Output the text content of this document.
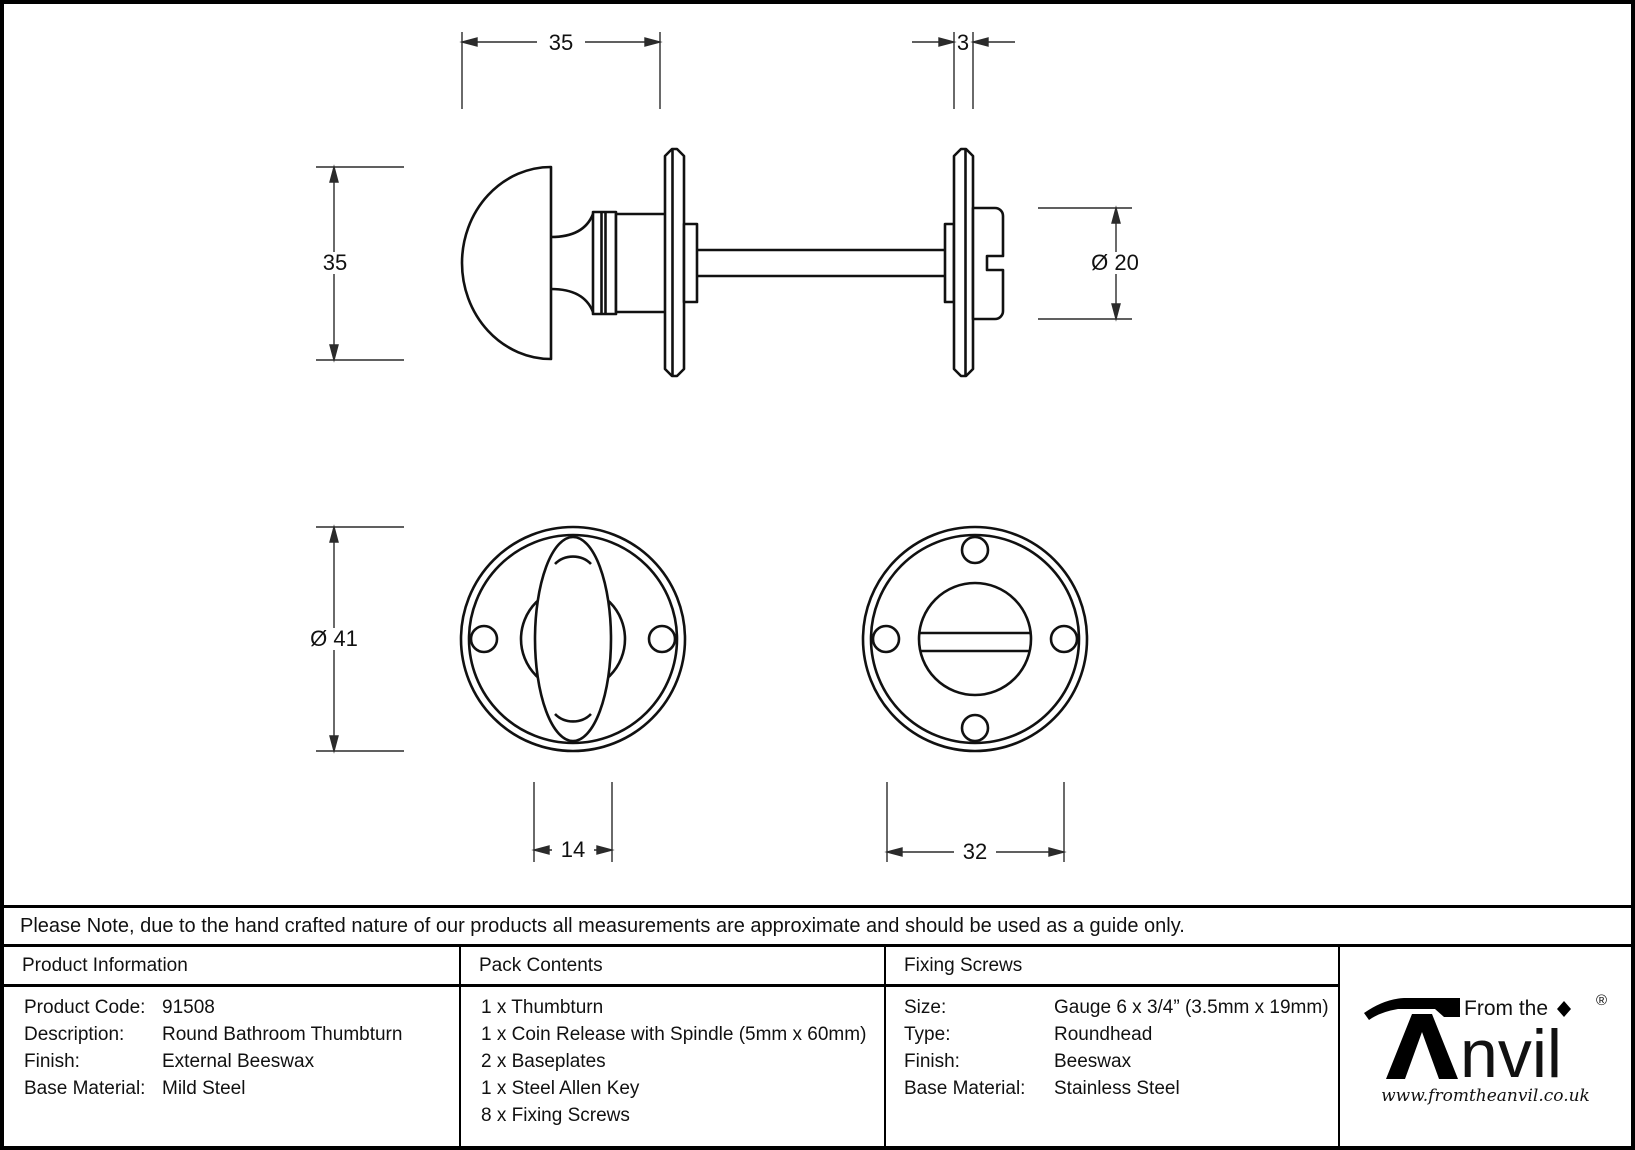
35	3
35	Ø 20
Ø 41
14	32
Please Note, due to the hand crafted nature of our products all measurements are approximate and should be used as a guide only.
Product Information
Product Code: 91508
Description:	Round Bathroom Thumbturn
Finish:	External Beeswax
Base Material: Mild Steel
Pack Contents
1 x Thumbturn
1 x Coin Release with Spindle (5mm x 60mm)
2 x Baseplates
1 x Steel Allen Key
8 x Fixing Screws
Fixing Screws
Size:	Gauge 6 x 3/4” (3.5mm x 19mm)
Type:	Roundhead
Finish:	Beeswax
Base Material:	Stainless Steel
From the
nvil
®
www.fromtheanvil.co.uk
